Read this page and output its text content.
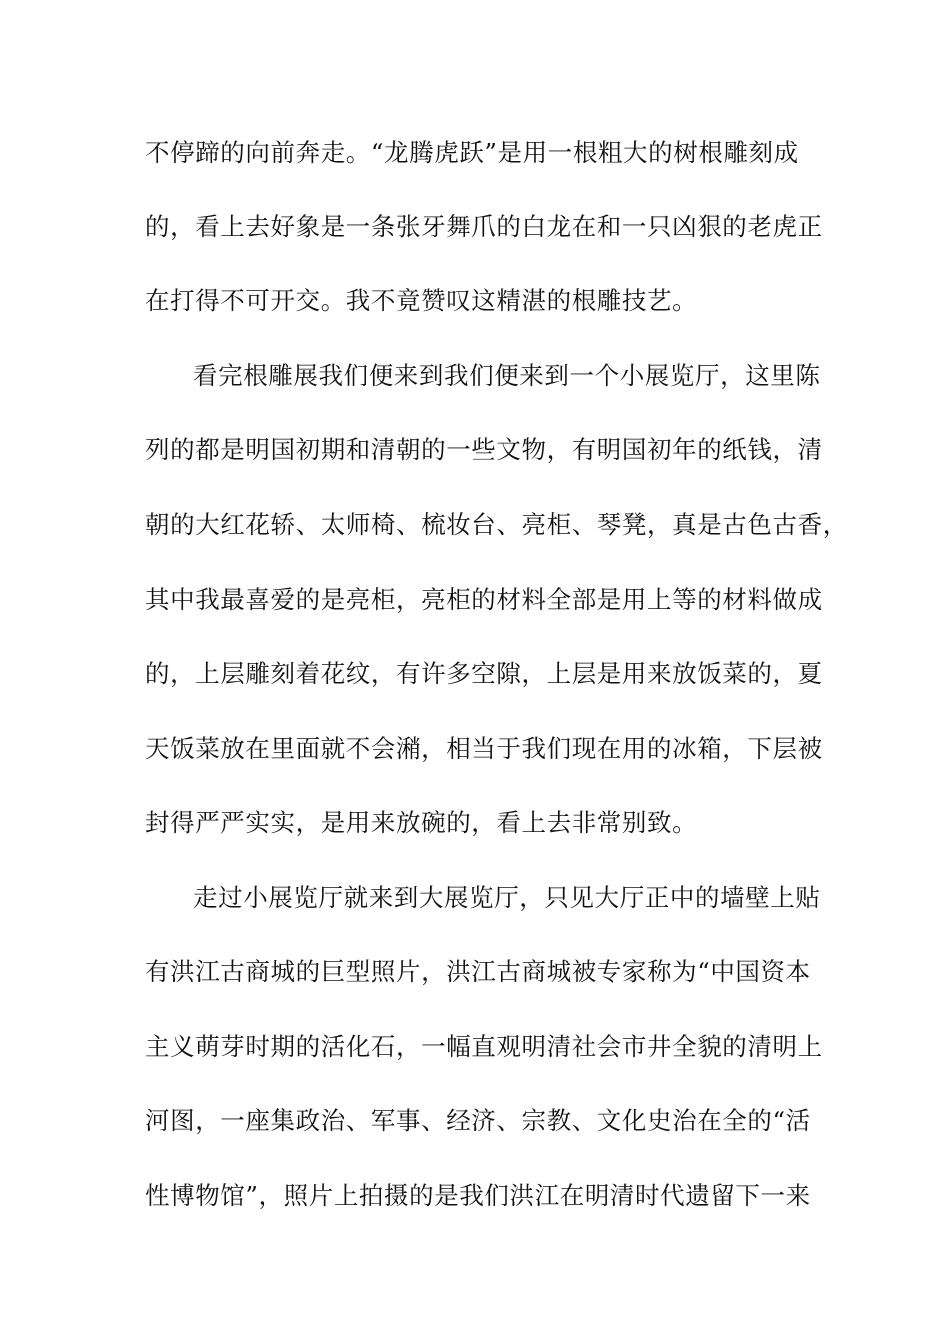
不停蹄的向前奔走。“龙腾虎跃”是用一根粗大的树根雕刻成
的，看上去好象是一条张牙舞爪的白龙在和一只凶狠的老虎正
在打得不可开交。我不竟赞叹这精湛的根雕技艺。
看完根雕展我们便来到我们便来到一个小展览厅，这里陈
列的都是明国初期和清朝的一些文物，有明国初年的纸钱，清
朝的大红花轿、太师椅、梳妆台、亮柜、琴凳，真是古色古香，
其中我最喜爱的是亮柜，亮柜的材料全部是用上等的材料做成
的，上层雕刻着花纹，有许多空隙，上层是用来放饭菜的，夏
天饭菜放在里面就不会潲，相当于我们现在用的冰箱，下层被
封得严严实实，是用来放碗的，看上去非常别致。
走过小展览厅就来到大展览厅，只见大厅正中的墙壁上贴
有洪江古商城的巨型照片，洪江古商城被专家称为“中国资本
主义萌芽时期的活化石，一幅直观明清社会市井全貌的清明上
河图，一座集政治、军事、经济、宗教、文化史治在全的“活
性博物馆”，照片上拍摄的是我们洪江在明清时代遗留下一来
